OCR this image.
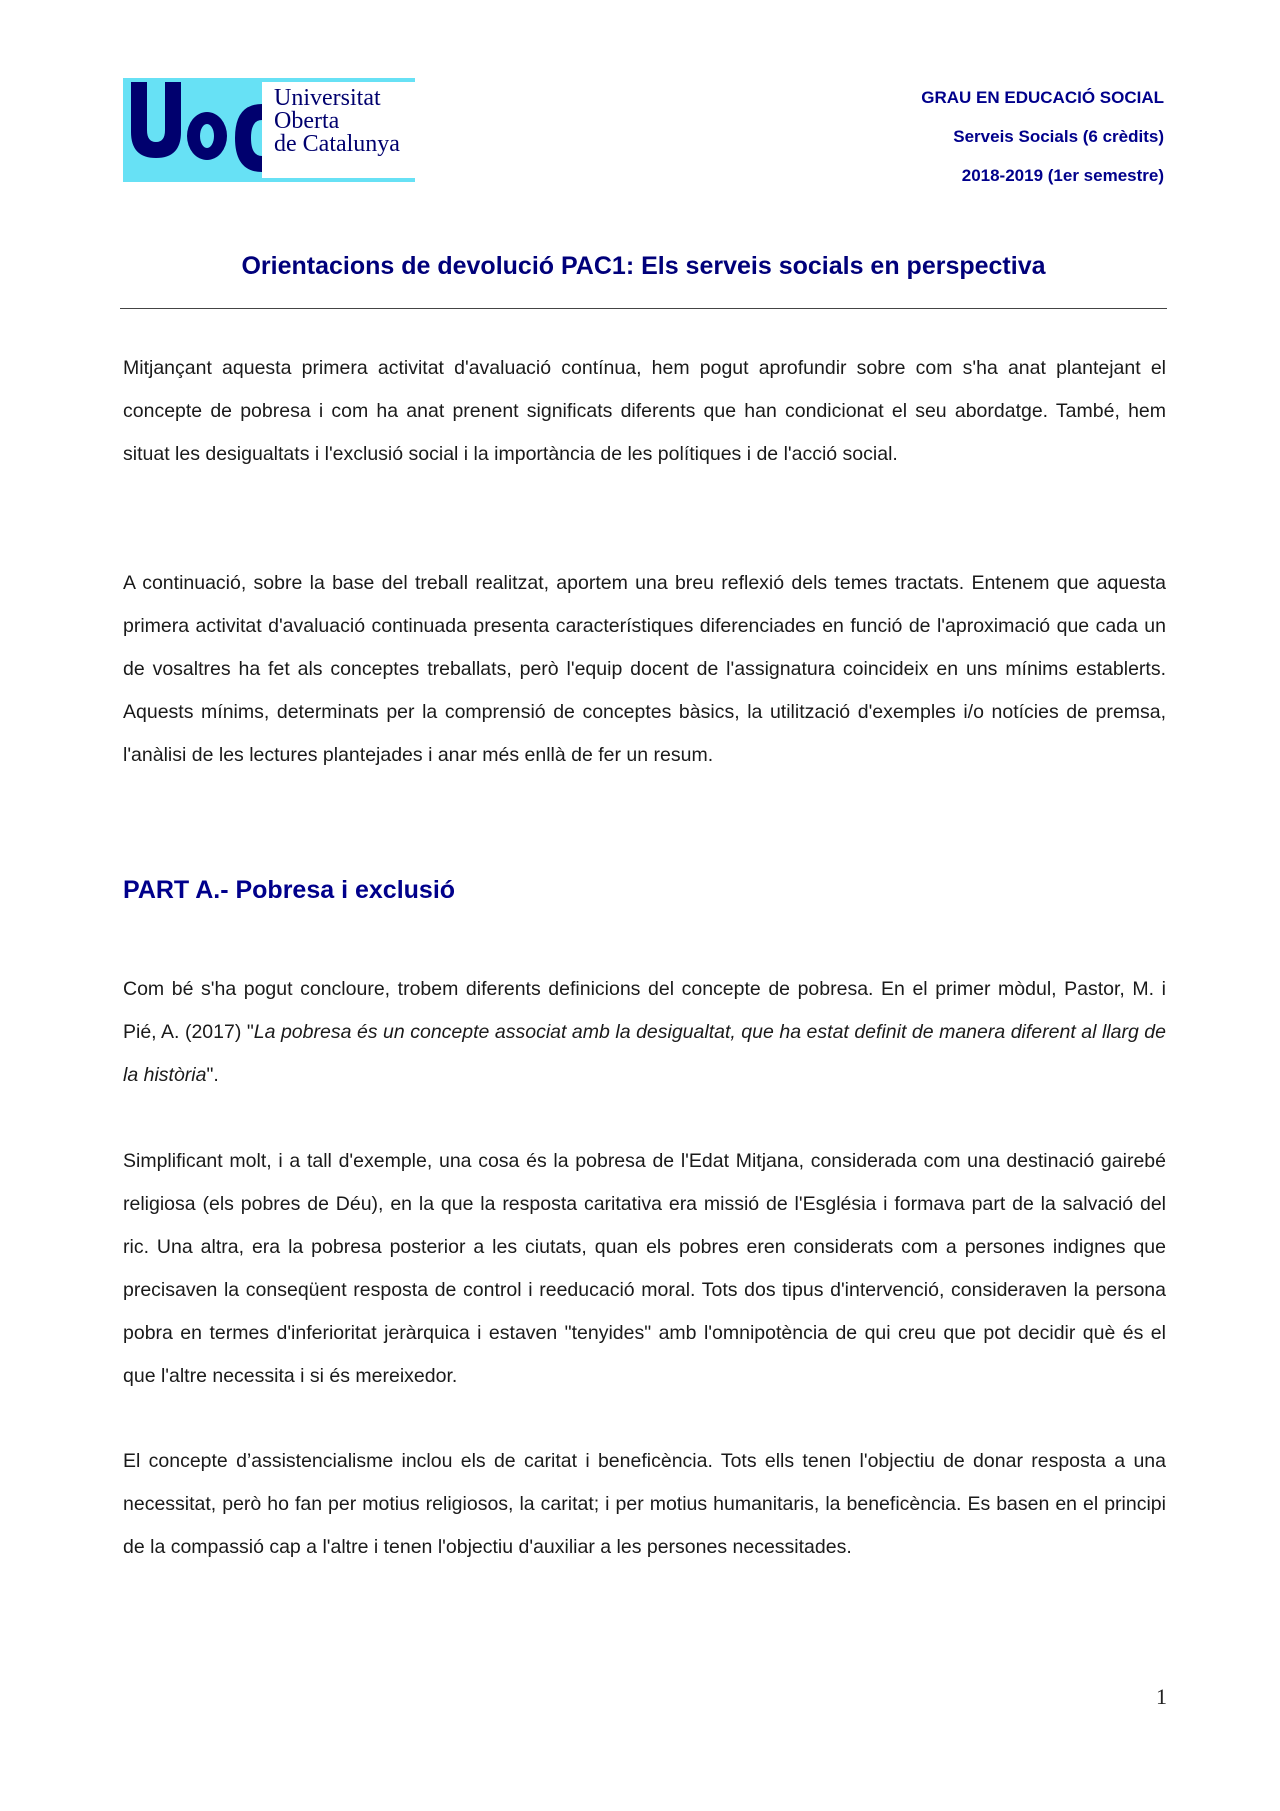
Universitat
Oberta
de Catalunya
GRAU EN EDUCACIÓ SOCIAL
Serveis Socials (6 crèdits)
2018-2019 (1er semestre)
Orientacions de devolució PAC1: Els serveis socials en perspectiva

Mitjançant aquesta primera activitat d'avaluació contínua, hem pogut aprofundir sobre com s'ha anat plantejant el concepte de pobresa i com ha anat prenent significats diferents que han condicionat el seu abordatge. També, hem situat les desigualtats i l'exclusió social i la importància de les polítiques i de l'acció social.

A continuació, sobre la base del treball realitzat, aportem una breu reflexió dels temes tractats. Entenem que aquesta primera activitat d'avaluació continuada presenta característiques diferenciades en funció de l'aproximació que cada un de vosaltres ha fet als conceptes treballats, però l'equip docent de l'assignatura coincideix en uns mínims establerts. Aquests mínims, determinats per la comprensió de conceptes bàsics, la utilització d'exemples i/o notícies de premsa, l'anàlisi de les lectures plantejades i anar més enllà de fer un resum.

PART A.- Pobresa i exclusió

Com bé s'ha pogut concloure, trobem diferents definicions del concepte de pobresa. En el primer mòdul, Pastor, M. i Pié, A. (2017) "La pobresa és un concepte associat amb la desigualtat, que ha estat definit de manera diferent al llarg de la història".

Simplificant molt, i a tall d'exemple, una cosa és la pobresa de l'Edat Mitjana, considerada com una destinació gairebé religiosa (els pobres de Déu), en la que la resposta caritativa era missió de l'Església i formava part de la salvació del ric. Una altra, era la pobresa posterior a les ciutats, quan els pobres eren considerats com a persones indignes que precisaven la conseqüent resposta de control i reeducació moral. Tots dos tipus d'intervenció, consideraven la persona pobra en termes d'inferioritat jeràrquica i estaven "tenyides" amb l'omnipotència de qui creu que pot decidir què és el que l'altre necessita i si és mereixedor.

El concepte d’assistencialisme inclou els de caritat i beneficència. Tots ells tenen l'objectiu de donar resposta a una necessitat, però ho fan per motius religiosos, la caritat; i per motius humanitaris, la beneficència. Es basen en el principi de la compassió cap a l'altre i tenen l'objectiu d'auxiliar a les persones necessitades.

1
